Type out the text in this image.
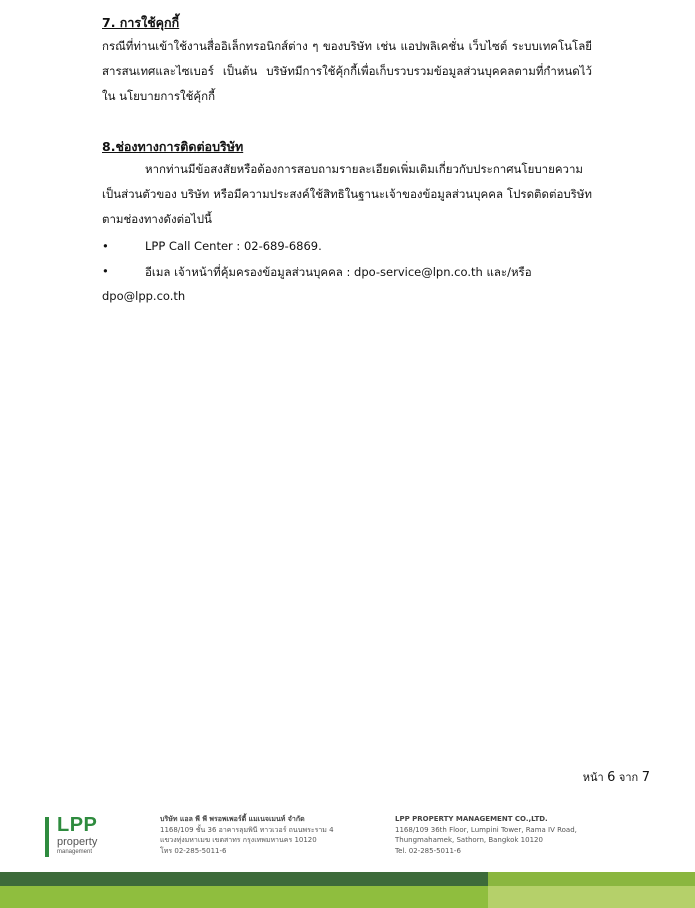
7. การใช้คุกกี้
กรณีที่ท่านเข้าใช้งานสื่ออิเล็กทรอนิกส์ต่าง ๆ ของบริษัท เช่น แอปพลิเคชั่น เว็บไซต์ ระบบเทคโนโลยี สารสนเทศและไซเบอร์ เป็นต้น บริษัทมีการใช้คุ้กกี้เพื่อเก็บรวบรวมข้อมูลส่วนบุคคลตามที่กำหนดไว้ใน นโยบายการใช้คุ้กกี้
8.ช่องทางการติดต่อบริษัท
หากท่านมีข้อสงสัยหรือต้องการสอบถามรายละเอียดเพิ่มเติมเกี่ยวกับประกาศนโยบายความเป็นส่วนตัวของ บริษัท หรือมีความประสงค์ใช้สิทธิในฐานะเจ้าของข้อมูลส่วนบุคคล โปรดติดต่อบริษัทตามช่องทางดังต่อไปนี้
•	LPP Call Center : 02-689-6869.
•	อีเมล เจ้าหน้าที่คุ้มครองข้อมูลส่วนบุคคล : dpo-service@lpn.co.th และ/หรือ
dpo@lpp.co.th
หน้า 6 จาก 7
LPP
property
management
บริษัท แอล พี พี พรอพเพอร์ตี้ แมเนจเมนท์ จำกัด
1168/109 ชั้น 36 อาคารลุมพินี ทาวเวอร์ ถนนพระราม 4
แขวงทุ่งมหาเมฆ เขตสาทร กรุงเทพมหานคร 10120
โทร 02-285-5011-6
LPP PROPERTY MANAGEMENT CO.,LTD.
1168/109 36th Floor, Lumpini Tower, Rama IV Road,
Thungmahamek, Sathorn, Bangkok 10120
Tel. 02-285-5011-6
